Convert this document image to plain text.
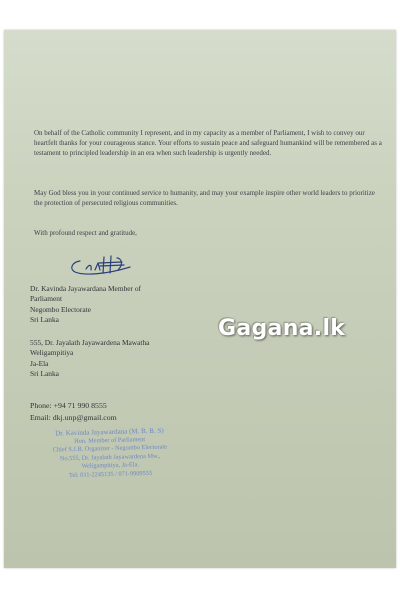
On behalf of the Catholic community I represent, and in my capacity as a member of Parliament, I wish to convey our heartfelt thanks for your courageous stance. Your efforts to sustain peace and safeguard humankind will be remembered as a testament to principled leadership in an era when such leadership is urgently needed.

May God bless you in your continued service to humanity, and may your example inspire other world leaders to prioritize the protection of persecuted religious communities.

With profound respect and gratitude,

Dr. Kavinda Jayawardana Member of
Parliament
Negombo Electorate
Sri Lanka
555, Dr. Jayalath Jayawardena Mawatha
Weligampitiya
Ja-Ela
Sri Lanka
Phone: +94 71 990 8555
Email: dkj.unp@gmail.com
Dr. Kavinda Jayawardana (M. B. B. S)
Hon. Member of Parliament
Chief S.J.B. Organizer - Negombo Electorate
No.555, Dr. Jayalath Jayawardena Mw.,
Weligampitiya, Ja-Ela.
Tel: 011-2245135 / 071-9909555
Gagana.lk
